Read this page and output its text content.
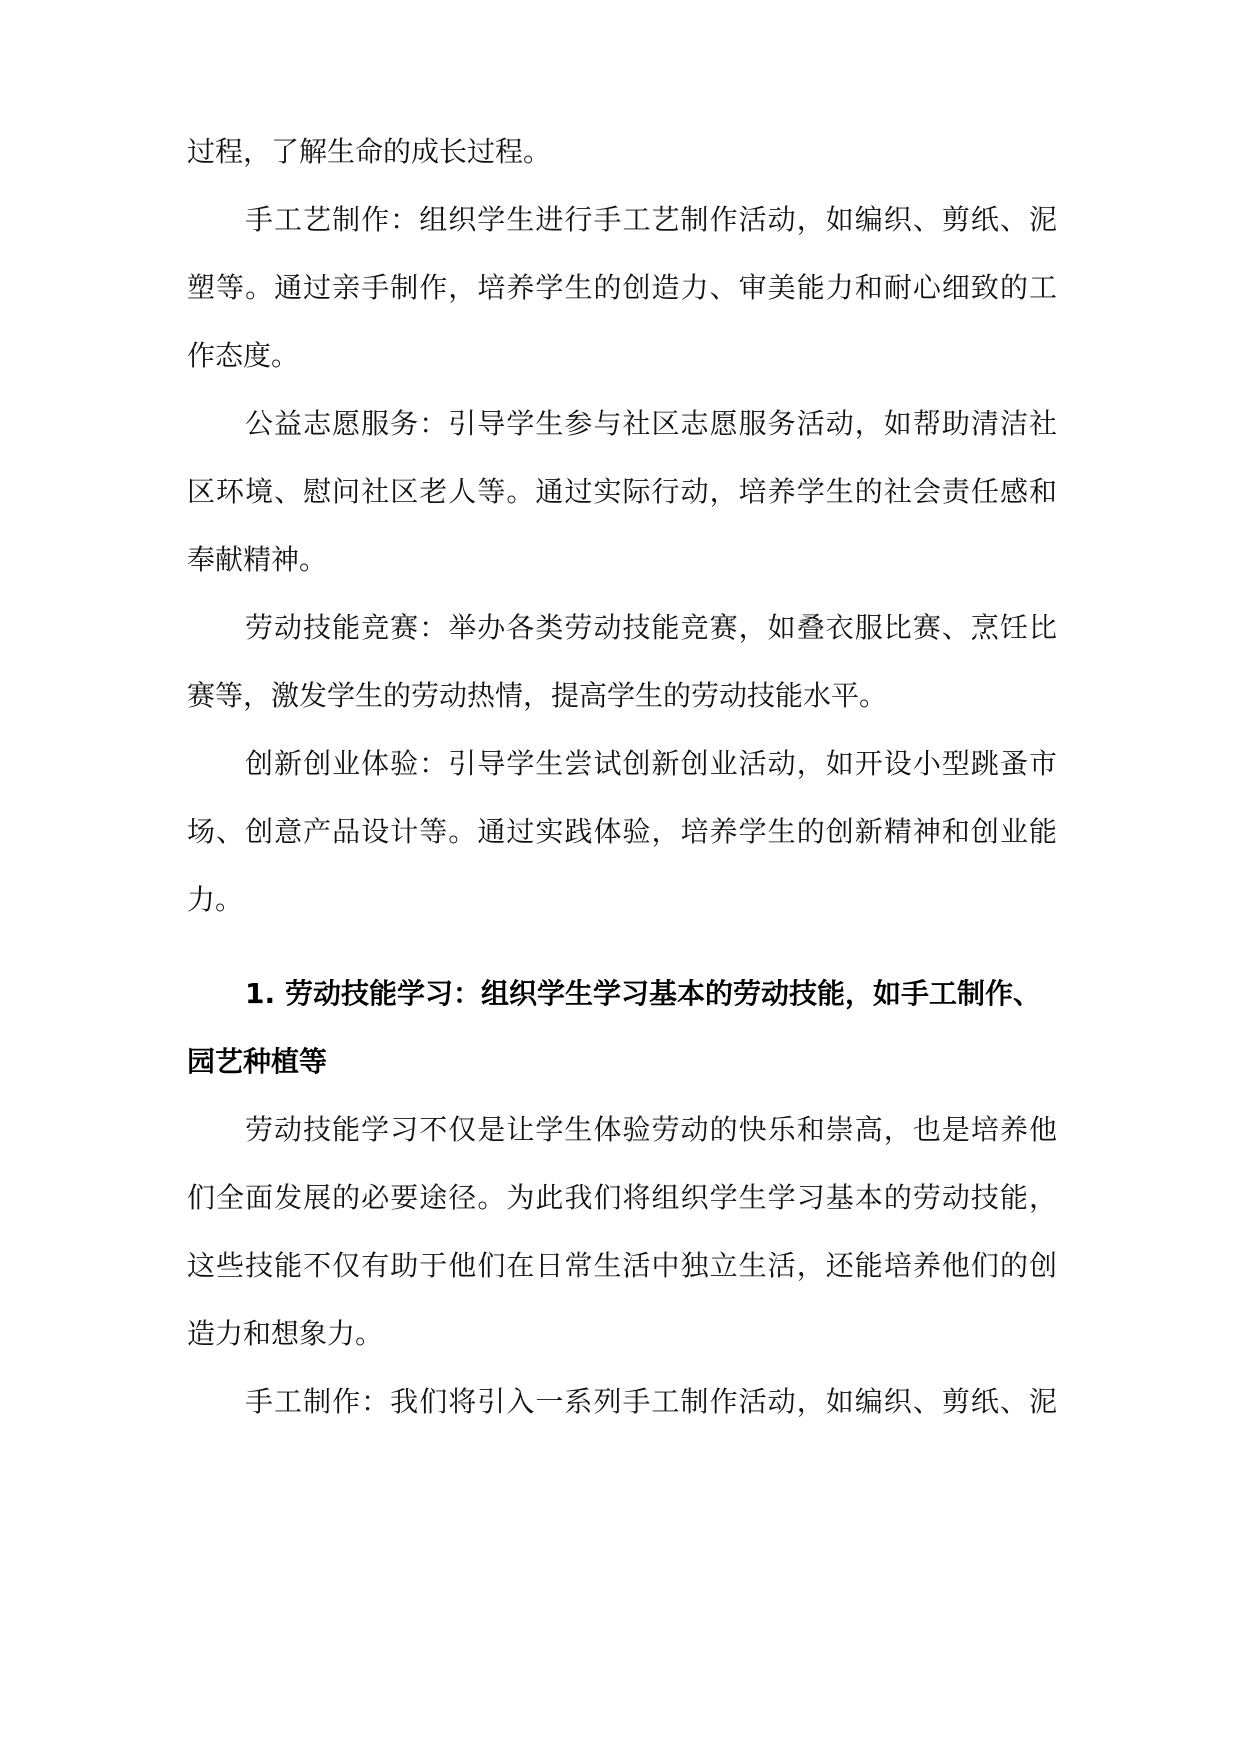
过程，了解生命的成长过程。
手工艺制作：组织学生进行手工艺制作活动，如编织、剪纸、泥
塑等。通过亲手制作，培养学生的创造力、审美能力和耐心细致的工
作态度。
公益志愿服务：引导学生参与社区志愿服务活动，如帮助清洁社
区环境、慰问社区老人等。通过实际行动，培养学生的社会责任感和
奉献精神。
劳动技能竞赛：举办各类劳动技能竞赛，如叠衣服比赛、烹饪比
赛等，激发学生的劳动热情，提高学生的劳动技能水平。
创新创业体验：引导学生尝试创新创业活动，如开设小型跳蚤市
场、创意产品设计等。通过实践体验，培养学生的创新精神和创业能
力。
1. 劳动技能学习：组织学生学习基本的劳动技能，如手工制作、
园艺种植等
劳动技能学习不仅是让学生体验劳动的快乐和崇高，也是培养他
们全面发展的必要途径。为此我们将组织学生学习基本的劳动技能，
这些技能不仅有助于他们在日常生活中独立生活，还能培养他们的创
造力和想象力。
手工制作：我们将引入一系列手工制作活动，如编织、剪纸、泥
